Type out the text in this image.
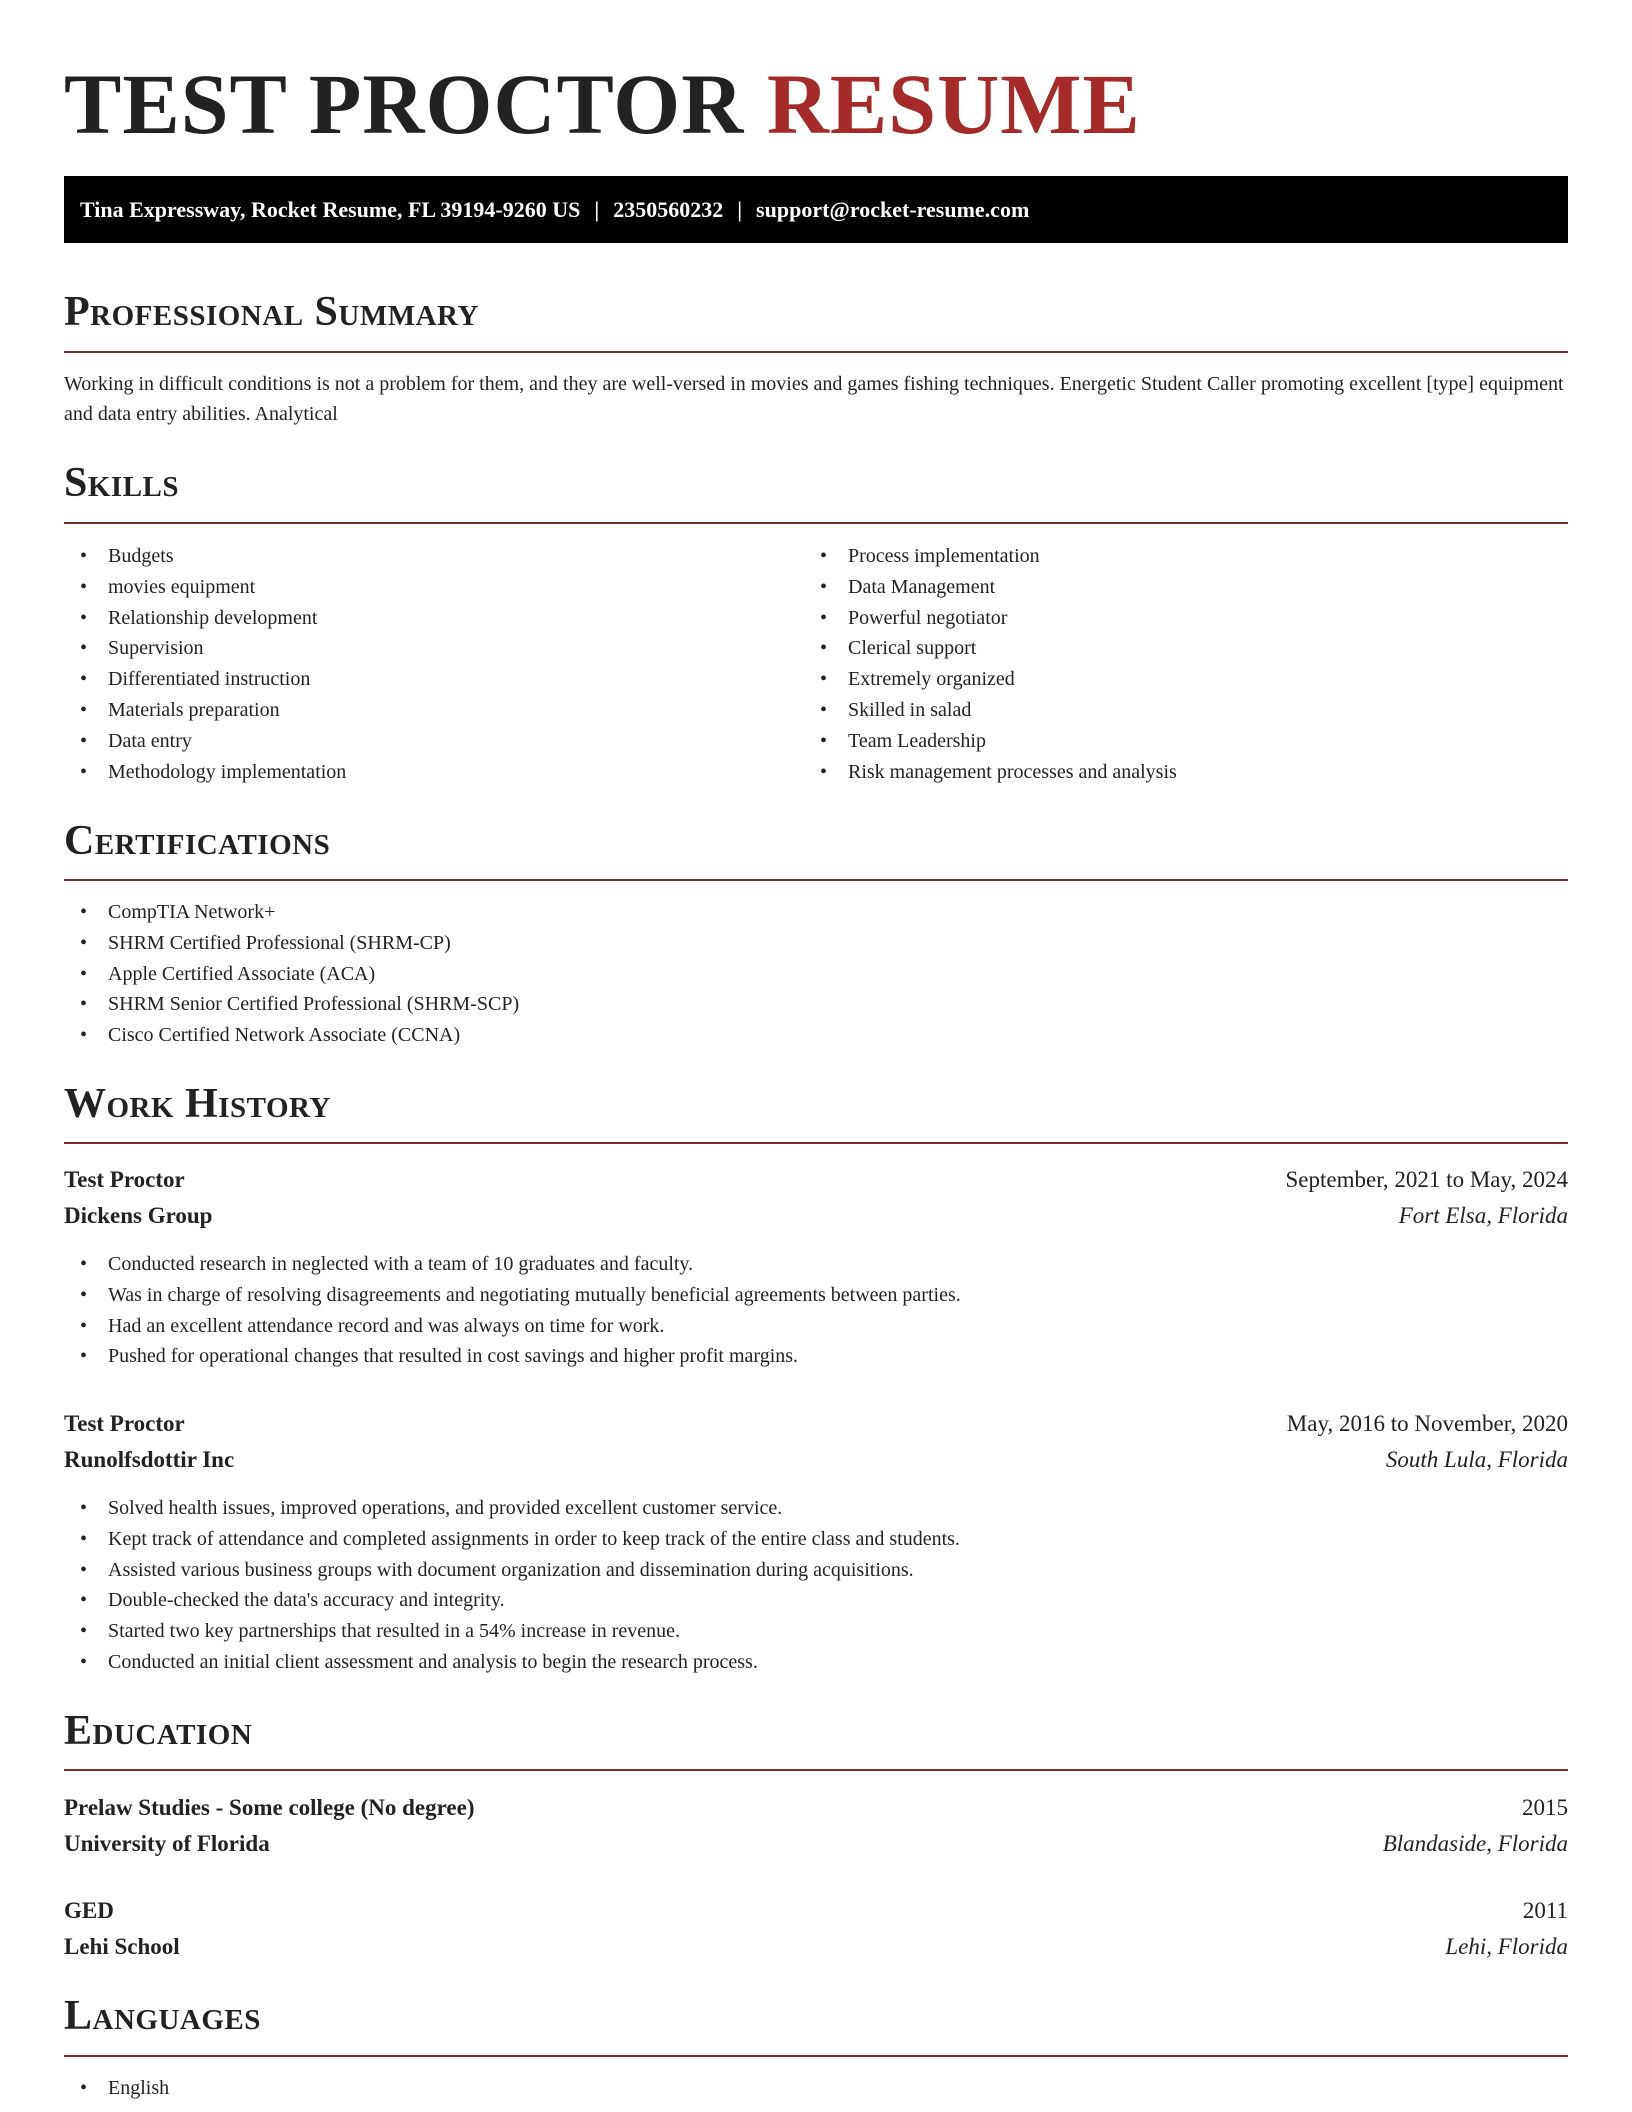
TEST PROCTOR RESUME
Tina Expressway, Rocket Resume, FL 39194-9260 US | 2350560232 | support@rocket-resume.com
Professional Summary
Working in difficult conditions is not a problem for them, and they are well-versed in movies and games fishing techniques. Energetic Student Caller promoting excellent [type] equipment and data entry abilities. Analytical
Skills
• Budgets
• movies equipment
• Relationship development
• Supervision
• Differentiated instruction
• Materials preparation
• Data entry
• Methodology implementation
• Process implementation
• Data Management
• Powerful negotiator
• Clerical support
• Extremely organized
• Skilled in salad
• Team Leadership
• Risk management processes and analysis
Certifications
• CompTIA Network+
• SHRM Certified Professional (SHRM-CP)
• Apple Certified Associate (ACA)
• SHRM Senior Certified Professional (SHRM-SCP)
• Cisco Certified Network Associate (CCNA)
Work History
Test Proctor	September, 2021 to May, 2024
Dickens Group	Fort Elsa, Florida
• Conducted research in neglected with a team of 10 graduates and faculty.
• Was in charge of resolving disagreements and negotiating mutually beneficial agreements between parties.
• Had an excellent attendance record and was always on time for work.
• Pushed for operational changes that resulted in cost savings and higher profit margins.
Test Proctor	May, 2016 to November, 2020
Runolfsdottir Inc	South Lula, Florida
• Solved health issues, improved operations, and provided excellent customer service.
• Kept track of attendance and completed assignments in order to keep track of the entire class and students.
• Assisted various business groups with document organization and dissemination during acquisitions.
• Double-checked the data's accuracy and integrity.
• Started two key partnerships that resulted in a 54% increase in revenue.
• Conducted an initial client assessment and analysis to begin the research process.
Education
Prelaw Studies - Some college (No degree)	2015
University of Florida	Blandaside, Florida
GED	2011
Lehi School	Lehi, Florida
Languages
• English
